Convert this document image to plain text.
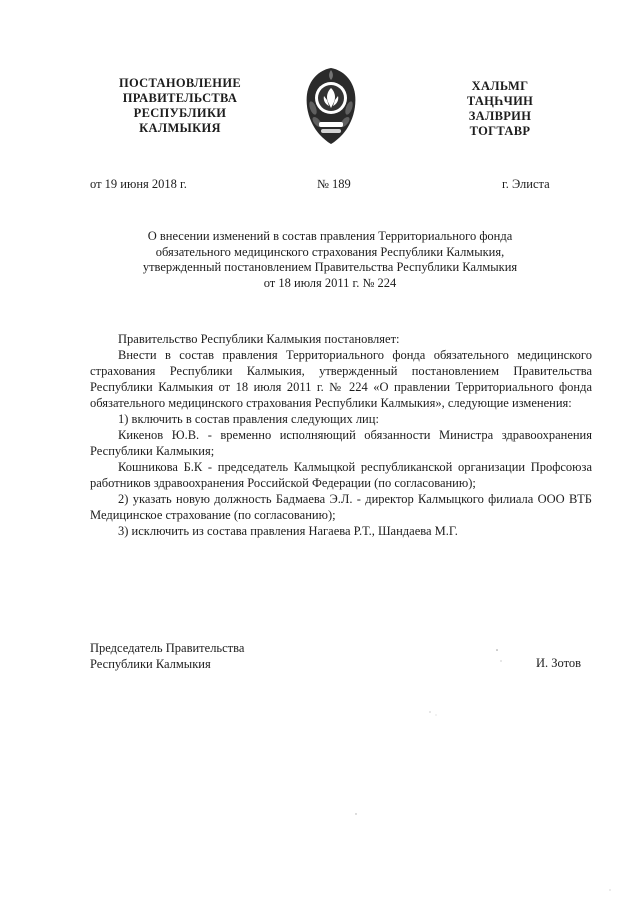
ПОСТАНОВЛЕНИЕ
ПРАВИТЕЛЬСТВА
РЕСПУБЛИКИ
КАЛМЫКИЯ
ХАЛЬМГ
ТАҢҺЧИН
ЗАЛВРИН
ТОГТАВР
от 19 июня 2018 г.	№ 189	г. Элиста
О внесении изменений в состав правления Территориального фонда
обязательного медицинского страхования Республики Калмыкия,
утвержденный постановлением Правительства Республики Калмыкия
от 18 июля 2011 г. № 224

Правительство Республики Калмыкия постановляет:

Внести в состав правления Территориального фонда обязательного медицинского страхования Республики Калмыкия, утвержденный постановлением Правительства Республики Калмыкия от 18 июля 2011 г. № 224 «О правлении Территориального фонда обязательного медицинского страхования Республики Калмыкия», следующие изменения:

1) включить в состав правления следующих лиц:

Кикенов Ю.В. - временно исполняющий обязанности Министра здравоохранения Республики Калмыкия;

Кошникова Б.К - председатель Калмыцкой республиканской организации Профсоюза работников здравоохранения Российской Федерации (по согласованию);

2) указать новую должность Бадмаева Э.Л. - директор Калмыцкого филиала ООО ВТБ Медицинское страхование (по согласованию);

3) исключить из состава правления Нагаева Р.Т., Шандаева М.Г.

Председатель Правительства
Республики Калмыкия	И. Зотов
